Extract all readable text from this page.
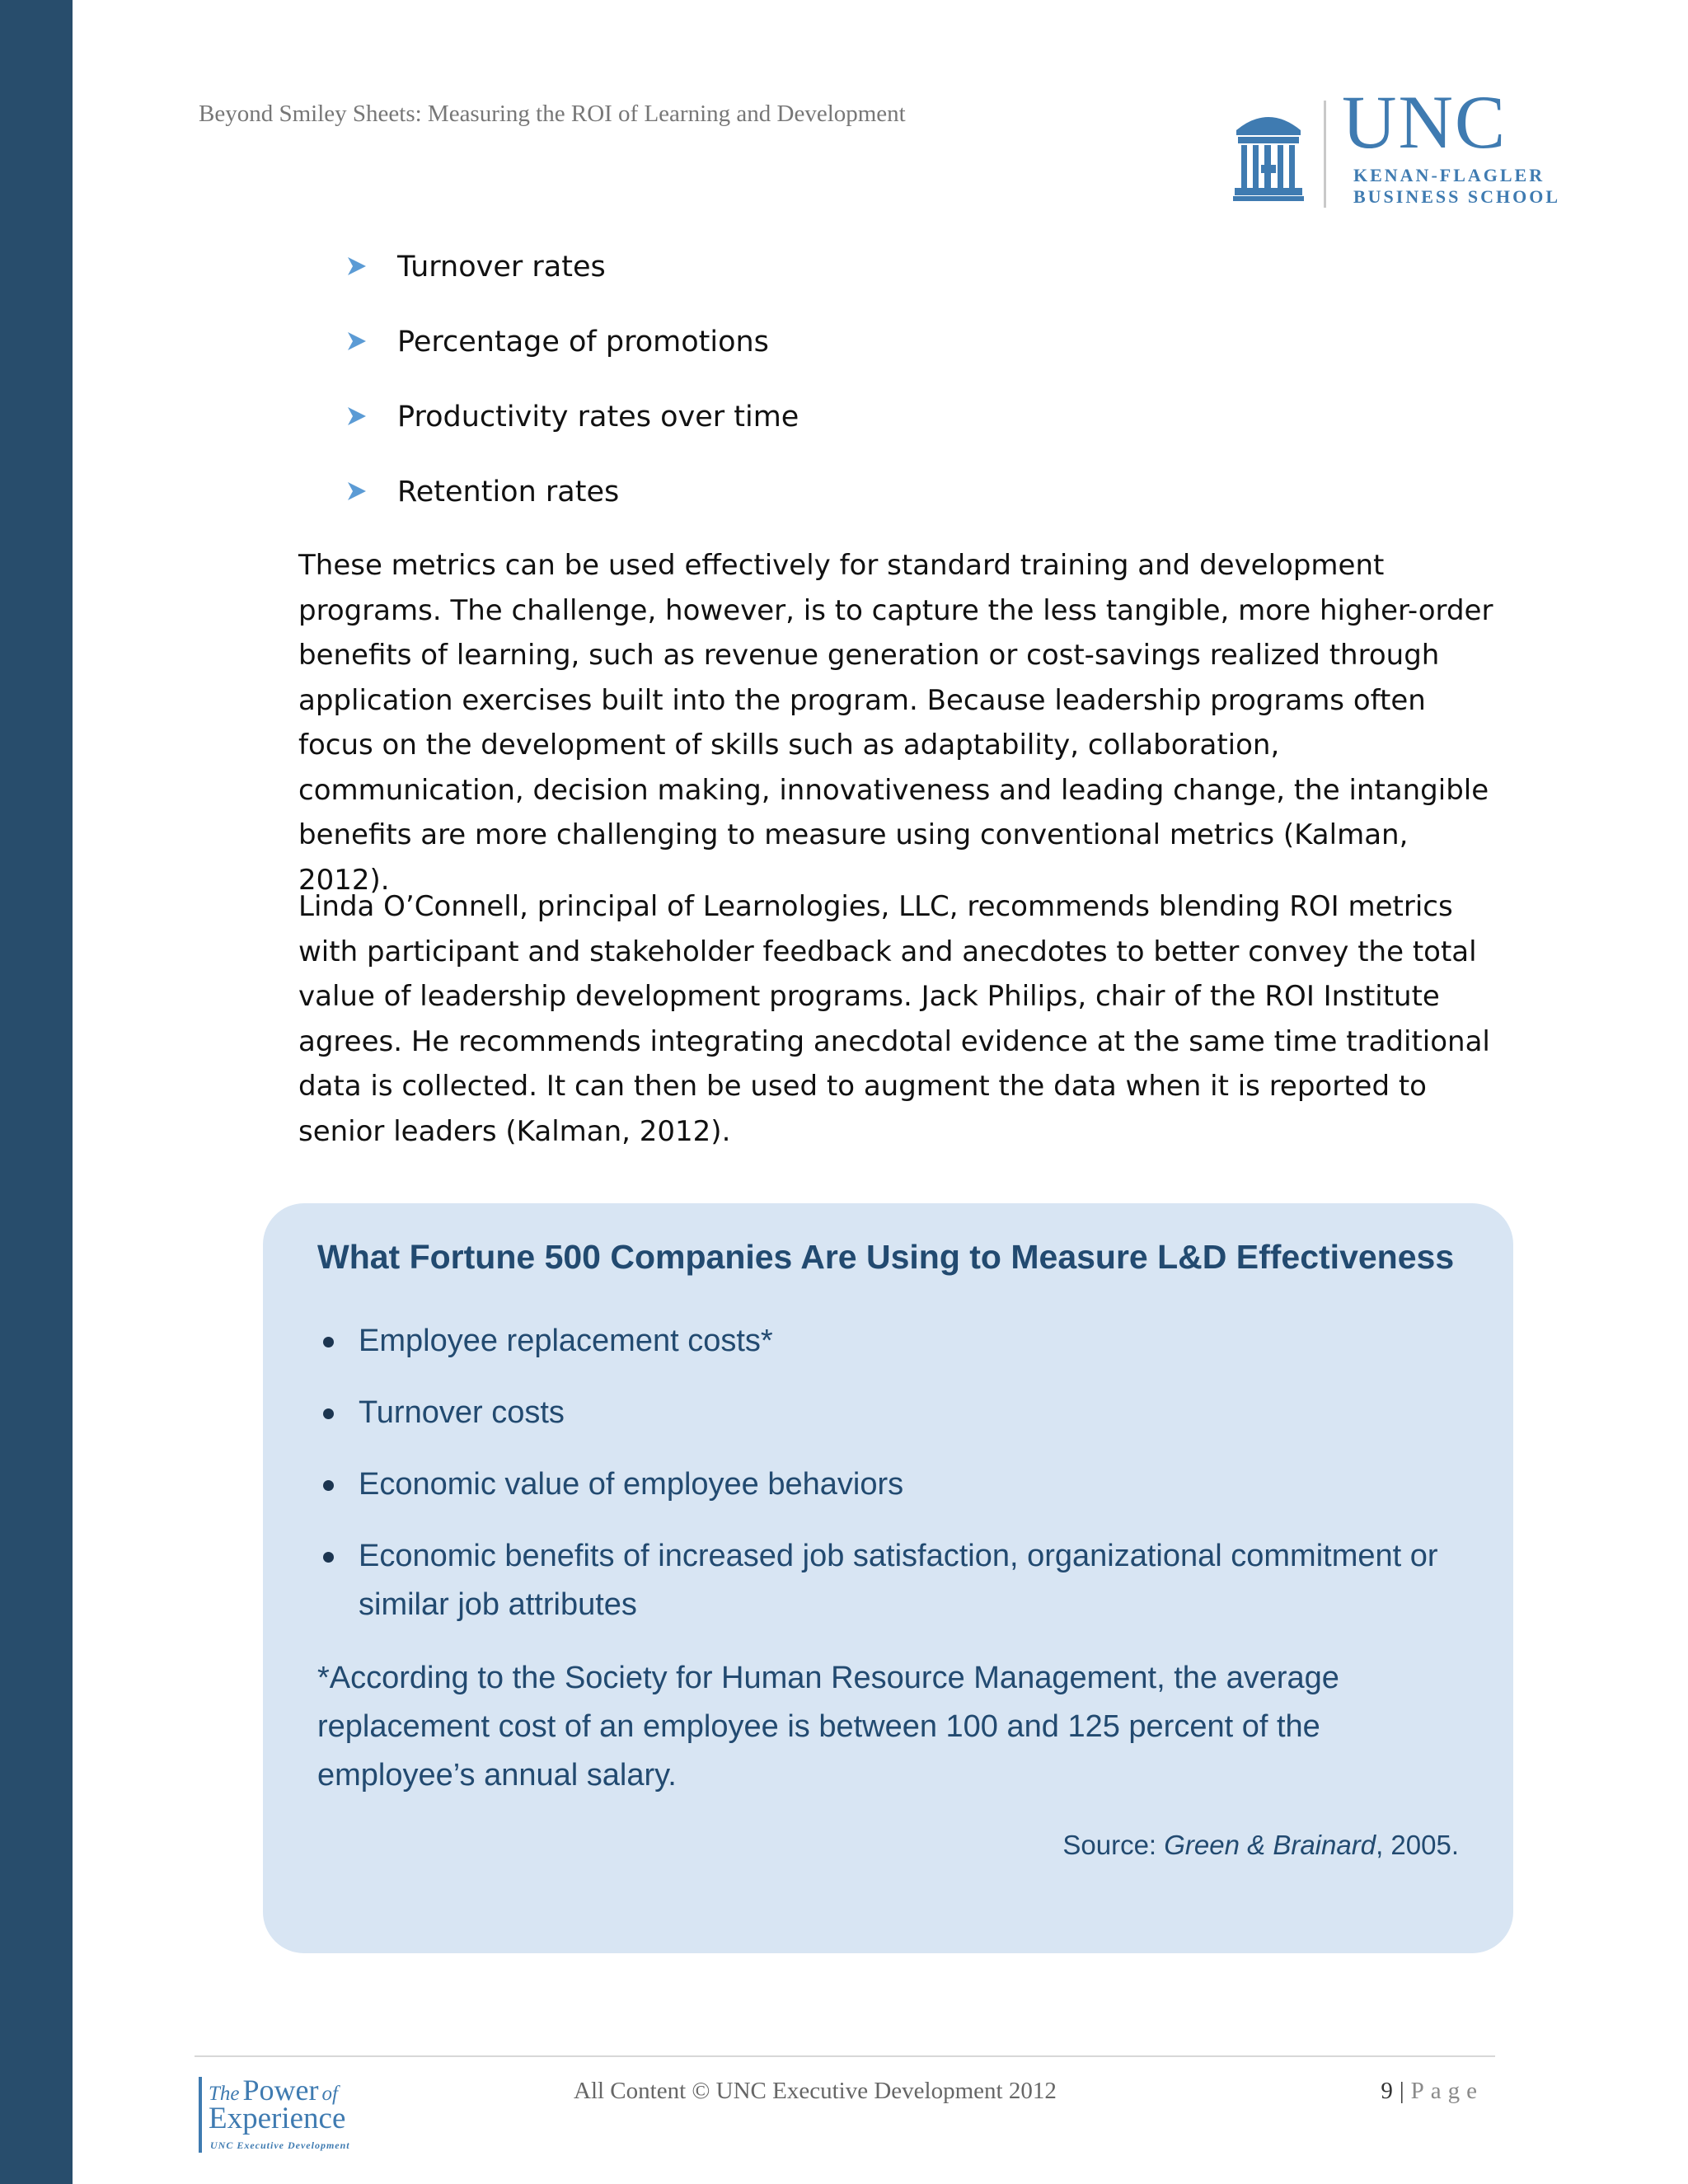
Beyond Smiley Sheets: Measuring the ROI of Learning and Development	UNC
KENAN-FLAGLER
BUSINESS SCHOOL
Turnover rates
Percentage of promotions
Productivity rates over time
Retention rates

These metrics can be used effectively for standard training and development programs. The challenge, however, is to capture the less tangible, more higher-order benefits of learning, such as revenue generation or cost-savings realized through application exercises built into the program. Because leadership programs often focus on the development of skills such as adaptability, collaboration, communication, decision making, innovativeness and leading change, the intangible benefits are more challenging to measure using conventional metrics (Kalman, 2012).

Linda O’Connell, principal of Learnologies, LLC, recommends blending ROI metrics with participant and stakeholder feedback and anecdotes to better convey the total value of leadership development programs. Jack Philips, chair of the ROI Institute agrees. He recommends integrating anecdotal evidence at the same time traditional data is collected. It can then be used to augment the data when it is reported to senior leaders (Kalman, 2012).

What Fortune 500 Companies Are Using to Measure L&D Effectiveness
Employee replacement costs*
Turnover costs
Economic value of employee behaviors
Economic benefits of increased job satisfaction, organizational commitment or similar job attributes

*According to the Society for Human Resource Management, the average replacement cost of an employee is between 100 and 125 percent of the employee’s annual salary.

Source: Green & Brainard, 2005.

The Power of
Experience
UNC Executive Development
All Content © UNC Executive Development 2012	9 | Page
